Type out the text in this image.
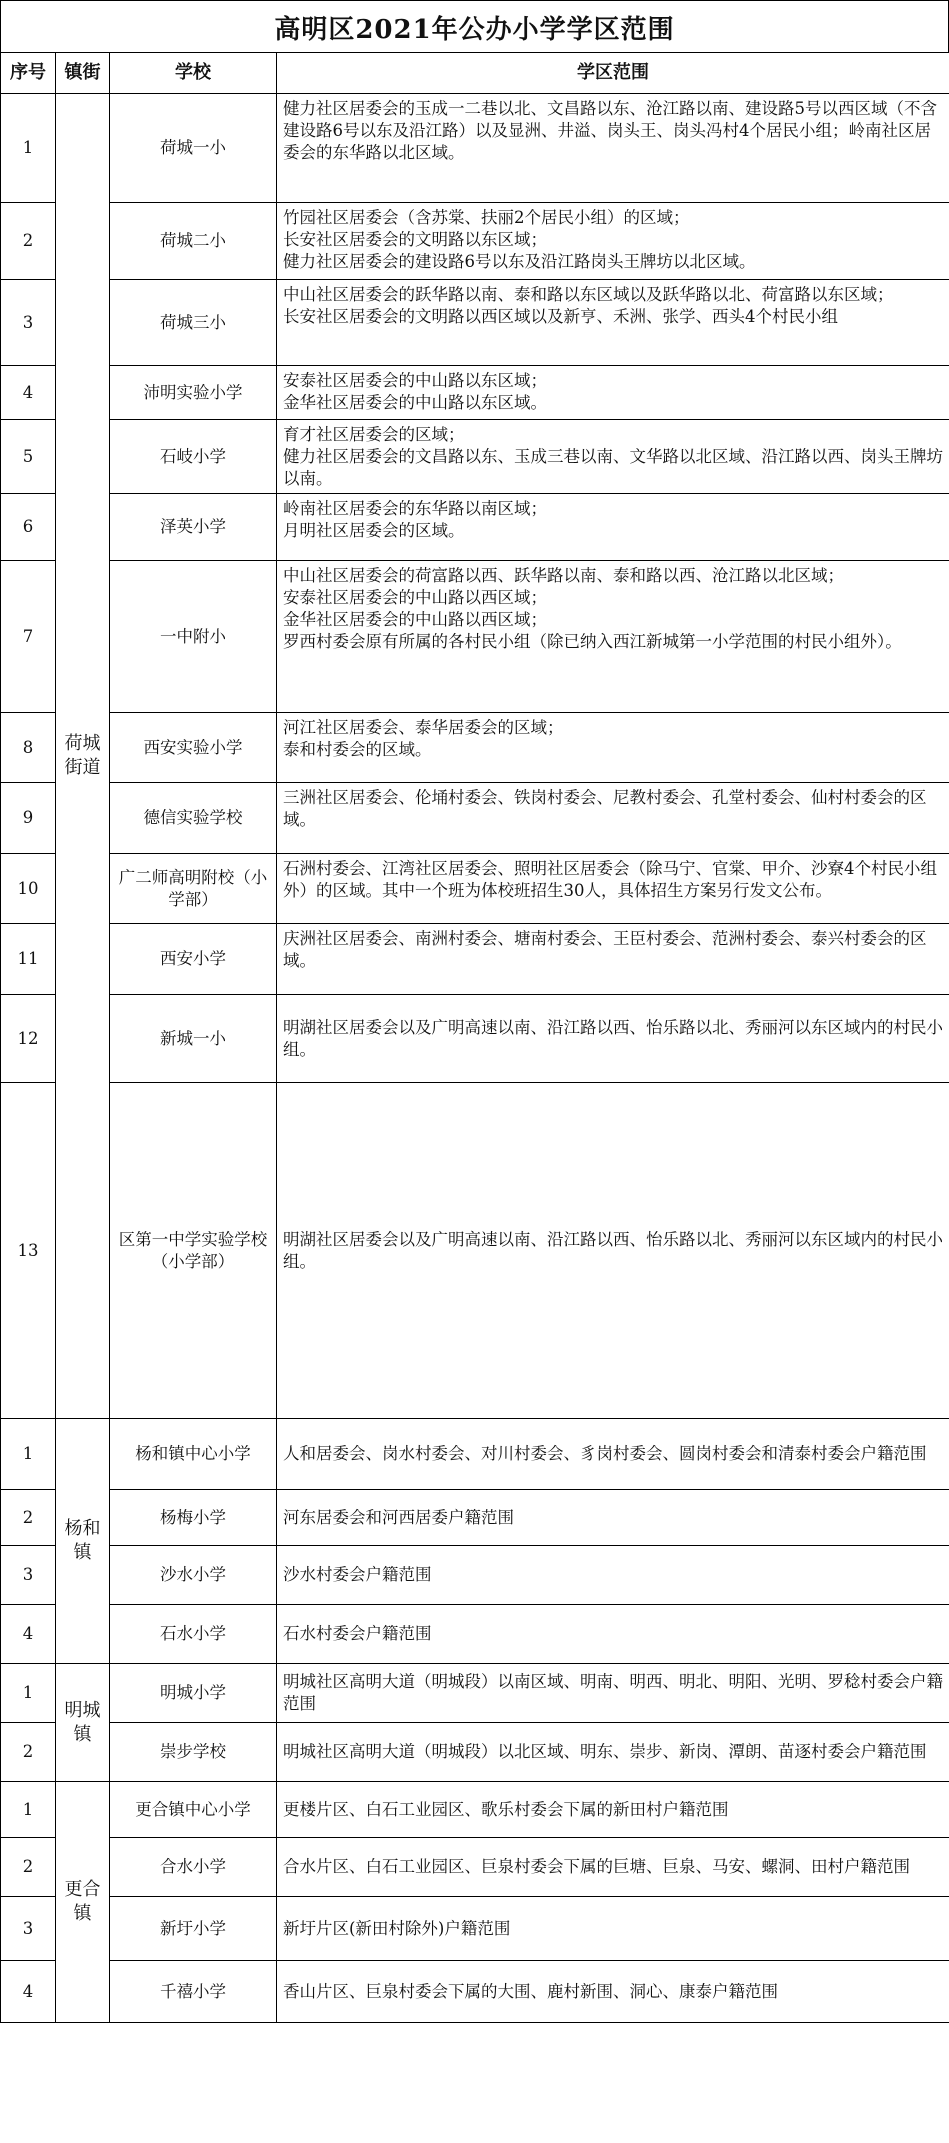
高明区2021年公办小学学区范围
序号	镇街	学校	学区范围
1	荷城街道	荷城一小	健力社区居委会的玉成一二巷以北、文昌路以东、沧江路以南、建设路5号以西区域（不含建设路6号以东及沿江路）以及显洲、井溢、岗头王、岗头冯村4个居民小组；岭南社区居委会的东华路以北区域。

2		荷城二小	竹园社区居委会（含苏棠、扶丽2个居民小组）的区域；
长安社区居委会的文明路以东区域；
健力社区居委会的建设路6号以东及沿江路岗头王牌坊以北区域。

3		荷城三小	中山社区居委会的跃华路以南、泰和路以东区域以及跃华路以北、荷富路以东区域；
长安社区居委会的文明路以西区域以及新亨、禾洲、张学、西头4个村民小组

4		沛明实验小学	安泰社区居委会的中山路以东区域；
金华社区居委会的中山路以东区域。

5		石岐小学	育才社区居委会的区域；
健力社区居委会的文昌路以东、玉成三巷以南、文华路以北区域、沿江路以西、岗头王牌坊以南。

6		泽英小学	岭南社区居委会的东华路以南区域；
月明社区居委会的区域。

7		一中附小	中山社区居委会的荷富路以西、跃华路以南、泰和路以西、沧江路以北区域；
安泰社区居委会的中山路以西区域；
金华社区居委会的中山路以西区域；
罗西村委会原有所属的各村民小组（除已纳入西江新城第一小学范围的村民小组外）。

8		西安实验小学	河江社区居委会、泰华居委会的区域；
泰和村委会的区域。

9		德信实验学校	三洲社区居委会、伦埇村委会、铁岗村委会、尼教村委会、孔堂村委会、仙村村委会的区域。

10		广二师高明附校（小学部）	石洲村委会、江湾社区居委会、照明社区居委会（除马宁、官棠、甲介、沙寮4个村民小组外）的区域。其中一个班为体校班招生30人，具体招生方案另行发文公布。

11		西安小学	庆洲社区居委会、南洲村委会、塘南村委会、王臣村委会、范洲村委会、泰兴村委会的区域。

12		新城一小	明湖社区居委会以及广明高速以南、沿江路以西、怡乐路以北、秀丽河以东区域内的村民小组。

13		区第一中学实验学校（小学部）	明湖社区居委会以及广明高速以南、沿江路以西、怡乐路以北、秀丽河以东区域内的村民小组。

1	杨和镇	杨和镇中心小学	人和居委会、岗水村委会、对川村委会、豸岗村委会、圆岗村委会和清泰村委会户籍范围

2		杨梅小学	河东居委会和河西居委户籍范围

3		沙水小学	沙水村委会户籍范围

4		石水小学	石水村委会户籍范围

1	明城镇	明城小学	明城社区高明大道（明城段）以南区域、明南、明西、明北、明阳、光明、罗稔村委会户籍范围

2		崇步学校	明城社区高明大道（明城段）以北区域、明东、崇步、新岗、潭朗、苗逐村委会户籍范围

1	更合镇	更合镇中心小学	更楼片区、白石工业园区、歌乐村委会下属的新田村户籍范围

2		合水小学	合水片区、白石工业园区、巨泉村委会下属的巨塘、巨泉、马安、螺洞、田村户籍范围

3		新圩小学	新圩片区(新田村除外)户籍范围

4		千禧小学	香山片区、巨泉村委会下属的大围、鹿村新围、洞心、康泰户籍范围
